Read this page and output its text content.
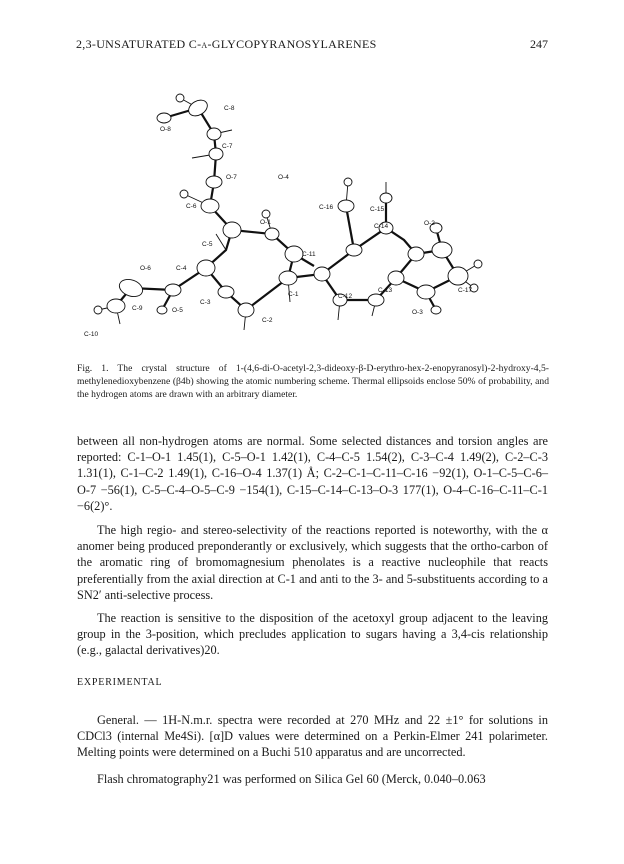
2,3-UNSATURATED C-α-GLYCOPYRANOSYLARENES	247
C-8
O-8
C-7
O-7	O-4
C-6
O-1
C-16	C-15
C-14	O-2
C-5
C-11
O-6	C-4
C-9	O-5
C-3
C-2
C-1	C-12
C-13
O-3
C-17
C-10
Fig. 1. The crystal structure of 1-(4,6-di-O-acetyl-2,3-dideoxy-β-D-erythro-hex-2-enopyranosyl)-2-hydroxy-4,5-methylenedioxybenzene (β4b) showing the atomic numbering scheme. Thermal ellipsoids enclose 50% of probability, and the hydrogen atoms are drawn with an arbitrary diameter.
between all non-hydrogen atoms are normal. Some selected distances and torsion angles are reported: C-1–O-1 1.45(1), C-5–O-1 1.42(1), C-4–C-5 1.54(2), C-3–C-4 1.49(2), C-2–C-3 1.31(1), C-1–C-2 1.49(1), C-16–O-4 1.37(1) Å; C-2–C-1–C-11–C-16 −92(1), O-1–C-5–C-6–O-7 −56(1), C-5–C-4–O-5–C-9 −154(1), C-15–C-14–C-13–O-3 177(1), O-4–C-16–C-11–C-1 −6(2)°.
The high regio- and stereo-selectivity of the reactions reported is noteworthy, with the α anomer being produced preponderantly or exclusively, which suggests that the ortho-carbon of the aromatic ring of bromomagnesium phenolates is a reactive nucleophile that reacts preferentially from the axial direction at C-1 and anti to the 3- and 5-substituents according to a SN2′ anti-selective process.
The reaction is sensitive to the disposition of the acetoxyl group adjacent to the leaving group in the 3-position, which precludes application to sugars having a 3,4-cis relationship (e.g., galactal derivatives)20.
EXPERIMENTAL
General. — 1H-N.m.r. spectra were recorded at 270 MHz and 22 ±1° for solutions in CDCl3 (internal Me4Si). [α]D values were determined on a Perkin-Elmer 241 polarimeter. Melting points were determined on a Buchi 510 apparatus and are uncorrected.
Flash chromatography21 was performed on Silica Gel 60 (Merck, 0.040–0.063
